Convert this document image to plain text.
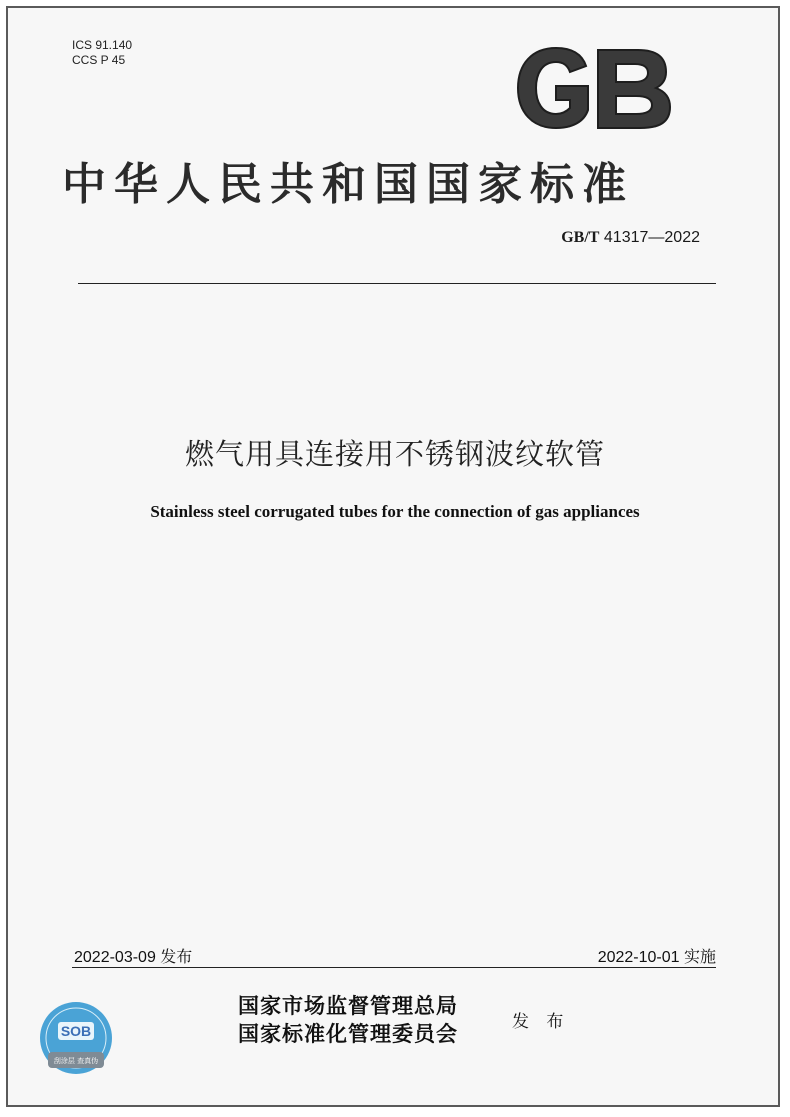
ICS 91.140
CCS P 45
中华人民共和国国家标准
GB/T 41317—2022
燃气用具连接用不锈钢波纹软管
Stainless steel corrugated tubes for the connection of gas appliances
2022-03-09 发布	2022-10-01 实施
SOB
刮涂层 查真伪
国家市场监督管理总局
国家标准化管理委员会	发 布
